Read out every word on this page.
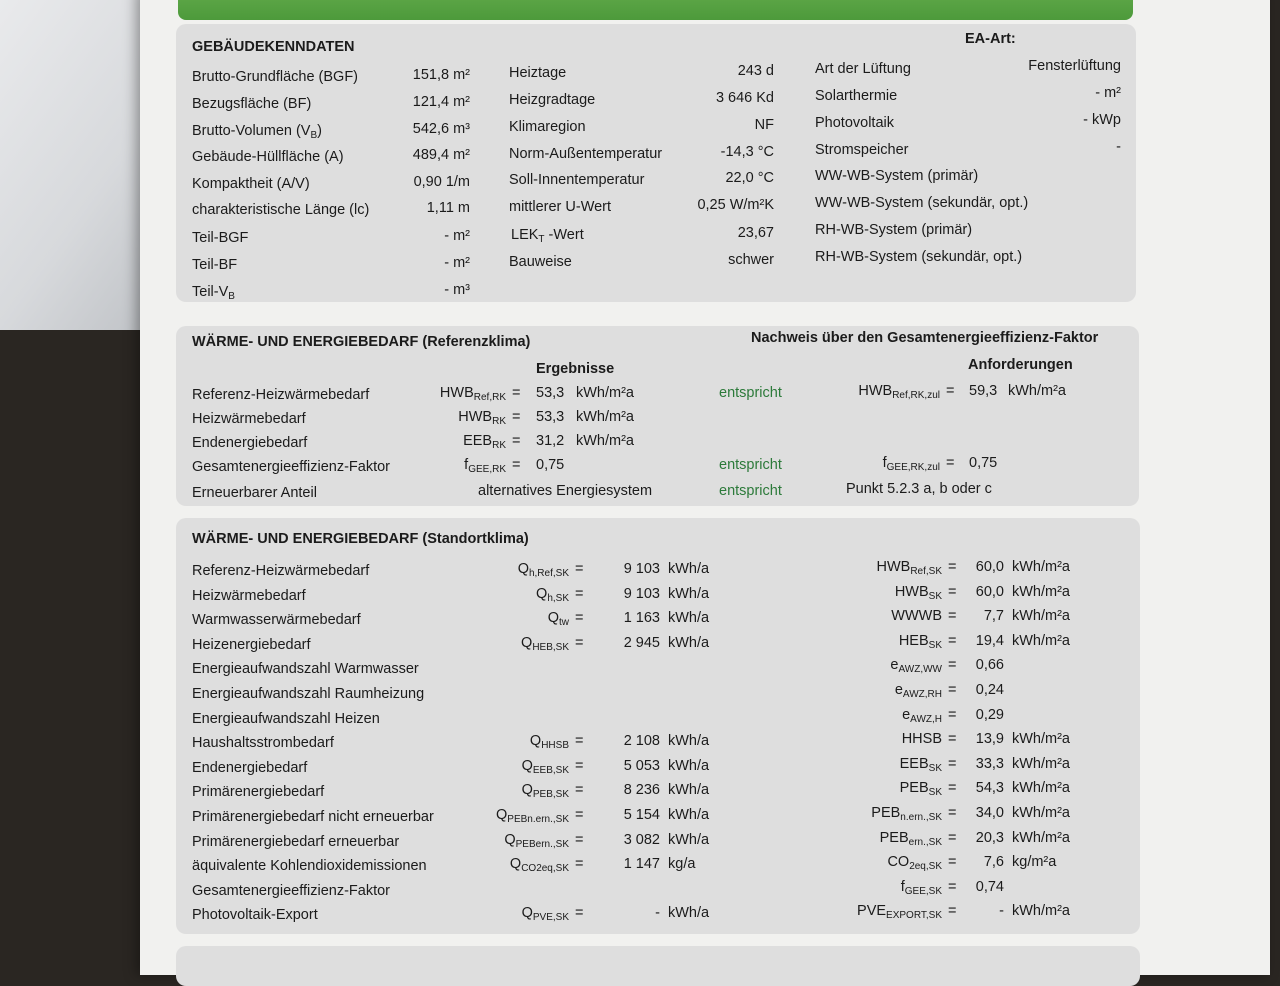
GEBÄUDEKENNDATEN	EA-Art:
Brutto-Grundfläche (BGF)	151,8 m²
Bezugsfläche (BF)	121,4 m²
Brutto-Volumen $(V_B)$	542,6 m³
Gebäude-Hüllfläche (A)	489,4 m²
Kompaktheit (A/V)	0,90 1/m
charakteristische Länge (lc)	1,11 m
Teil-BGF	- m²
Teil-BF	- m²
Teil-$V_B$	- m³
Heiztage	243 d
Heizgradtage	3 646 Kd
Klimaregion	NF
Norm-Außentemperatur	-14,3 °C
Soll-Innentemperatur	22,0 °C
mittlerer U-Wert	0,25 W/m²K
$LEK_T$ -Wert	23,67
Bauweise	schwer
Art der Lüftung	Fensterlüftung
Solarthermie	- m²
Photovoltaik	- kWp
Stromspeicher	-
WW-WB-System (primär)
WW-WB-System (sekundär, opt.)
RH-WB-System (primär)
RH-WB-System (sekundär, opt.)
WÄRME- UND ENERGIEBEDARF (Referenzklima)	Nachweis über den Gesamtenergieeffizienz-Faktor
Ergebnisse	Anforderungen
Referenz-Heizwärmebedarf	$HWB_{Ref,RK} = 53,3$ kWh/m²a	entspricht	$HWB_{Ref,RK,zul} = 59,3$ kWh/m²a
Heizwärmebedarf	$HWB_{RK} = 53,3$ kWh/m²a
Endenergiebedarf	$EEB_{RK} = 31,2$ kWh/m²a
Gesamtenergieeffizienz-Faktor	$f_{GEE,RK} = 0,75$	entspricht	$f_{GEE,RK,zul} = 0,75$
Erneuerbarer Anteil	alternatives Energiesystem	entspricht	Punkt 5.2.3 a, b oder c
WÄRME- UND ENERGIEBEDARF (Standortklima)
Referenz-Heizwärmebedarf	$Q_{h,Ref,SK}$ =	9 103 kWh/a	$HWB_{Ref,SK} = 60,0$ kWh/m²a
Heizwärmebedarf	$Q_{h,SK}$ =	9 103 kWh/a	$HWB_{SK} = 60,0$ kWh/m²a
Warmwasserwärmebedarf	$Q_{tw}$ =	1 163 kWh/a	WWWB = 7,7 kWh/m²a
Heizenergiebedarf	$Q_{HEB,SK}$ =	2 945 kWh/a	$HEB_{SK} = 19,4$ kWh/m²a
Energieaufwandszahl Warmwasser	$e_{AWZ,WW} = 0,66$
Energieaufwandszahl Raumheizung	$e_{AWZ,RH} = 0,24$
Energieaufwandszahl Heizen	$e_{AWZ,H} = 0,29$
Haushaltsstrombedarf	$Q_{HHSB}$ =	2 108 kWh/a	HHSB = 13,9 kWh/m²a
Endenergiebedarf	$Q_{EEB,SK}$ =	5 053 kWh/a	$EEB_{SK} = 33,3$ kWh/m²a
Primärenergiebedarf	$Q_{PEB,SK}$ =	8 236 kWh/a	$PEB_{SK} = 54,3$ kWh/m²a
Primärenergiebedarf nicht erneuerbar	$Q_{PEBn.ern.,SK}$ =	5 154 kWh/a	$PEB_{n.ern.,SK} = 34,0$ kWh/m²a
Primärenergiebedarf erneuerbar	$Q_{PEBern.,SK}$ =	3 082 kWh/a	$PEB_{ern.,SK} = 20,3$ kWh/m²a
äquivalente Kohlendioxidemissionen	$Q_{CO2eq,SK}$ =	1 147 kg/a	$CO_{2eq,SK} = 7,6$ kg/m²a
Gesamtenergieeffizienz-Faktor	$f_{GEE,SK} = 0,74$
Photovoltaik-Export	$Q_{PVE,SK}$ =	- kWh/a	$PVE_{EXPORT,SK}$ =	- kWh/m²a
